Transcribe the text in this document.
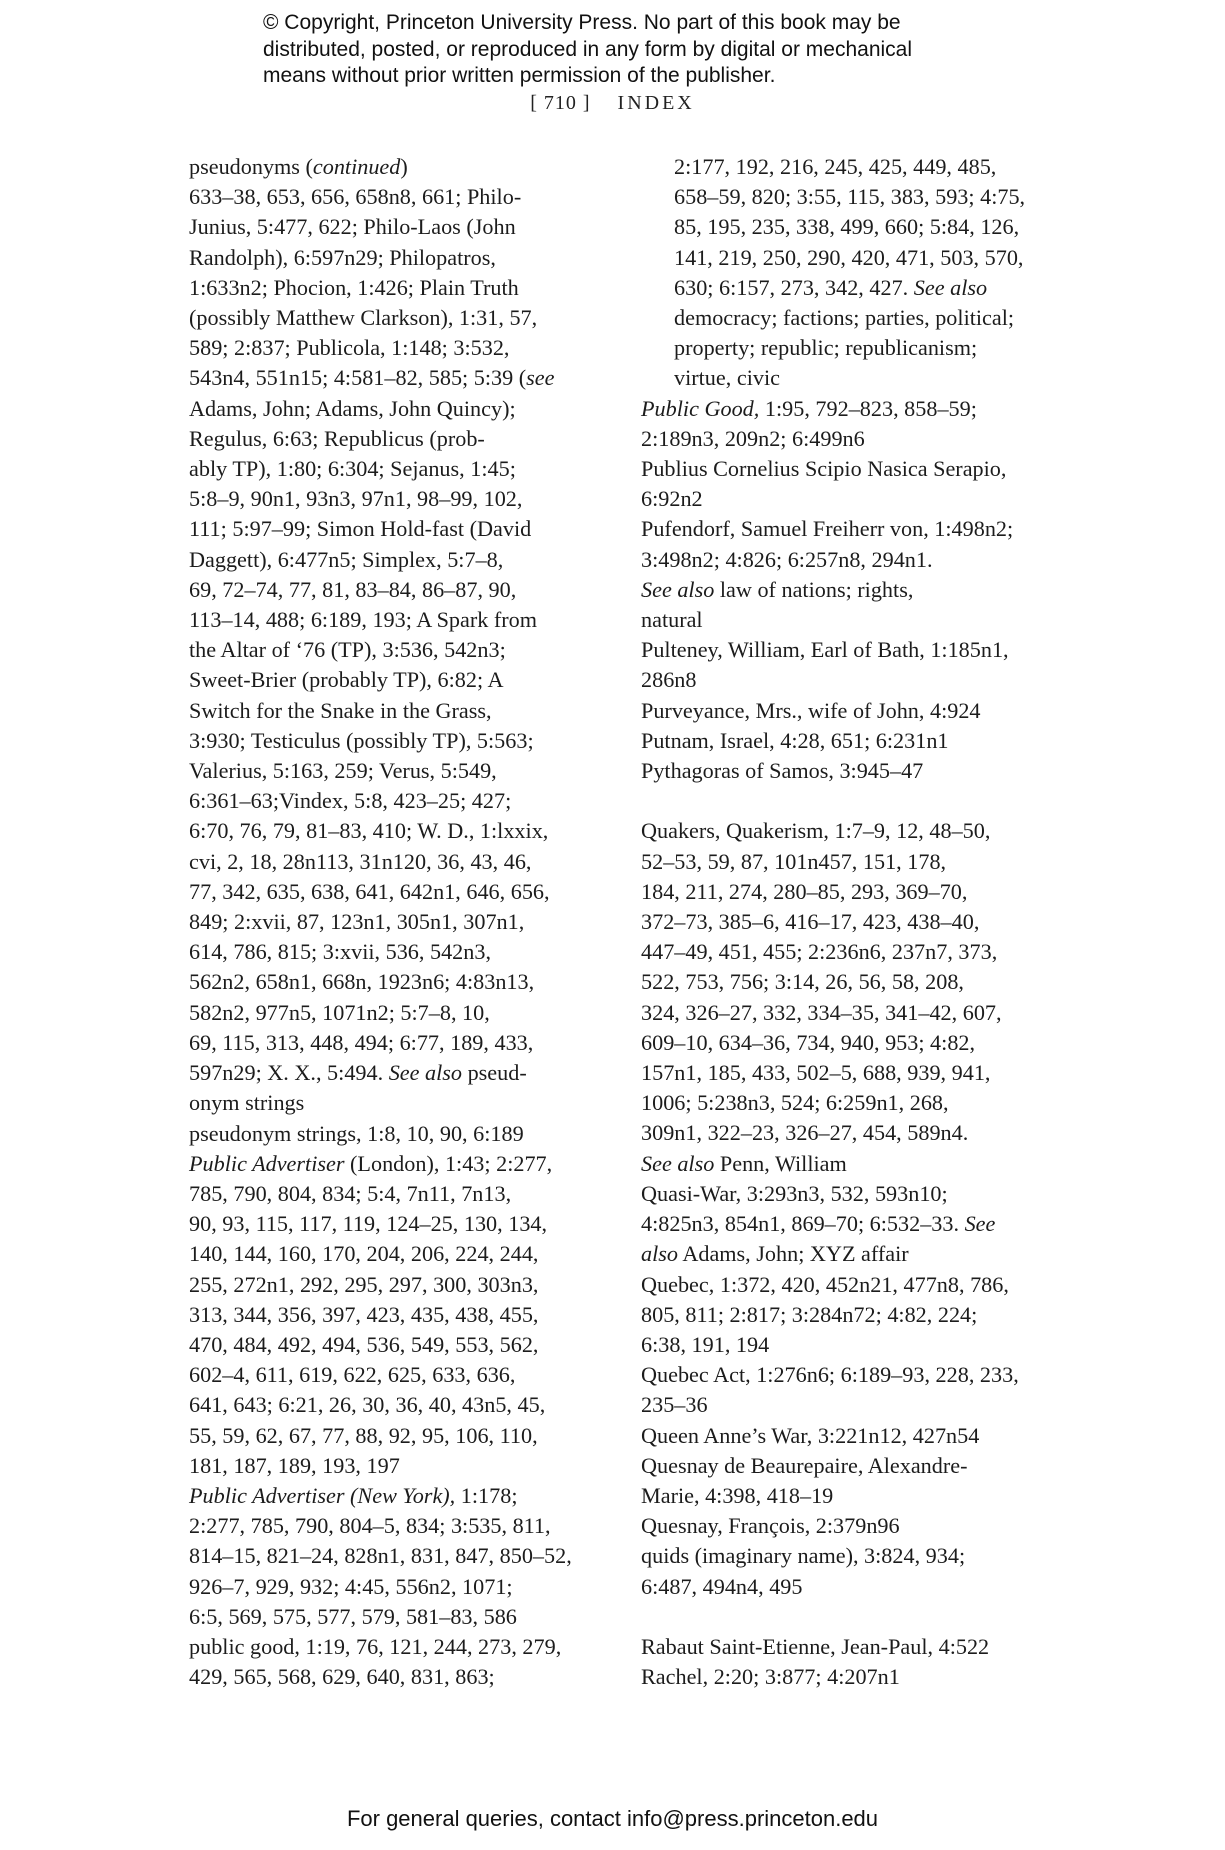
© Copyright, Princeton University Press. No part of this book may be
distributed, posted, or reproduced in any form by digital or mechanical
means without prior written permission of the publisher.
[ 710 ] INDEX
pseudonyms (continued)
633–38, 653, 656, 658n8, 661; Philo-
Junius, 5:477, 622; Philo-Laos (John
Randolph), 6:597n29; Philopatros,
1:633n2; Phocion, 1:426; Plain Truth
(possibly Matthew Clarkson), 1:31, 57,
589; 2:837; Publicola, 1:148; 3:532,
543n4, 551n15; 4:581–82, 585; 5:39 (see
Adams, John; Adams, John Quincy);
Regulus, 6:63; Republicus (prob-
ably TP), 1:80; 6:304; Sejanus, 1:45;
5:8–9, 90n1, 93n3, 97n1, 98–99, 102,
111; 5:97–99; Simon Hold-fast (David
Daggett), 6:477n5; Simplex, 5:7–8,
69, 72–74, 77, 81, 83–84, 86–87, 90,
113–14, 488; 6:189, 193; A Spark from
the Altar of ‘76 (TP), 3:536, 542n3;
Sweet-Brier (probably TP), 6:82; A
Switch for the Snake in the Grass,
3:930; Testiculus (possibly TP), 5:563;
Valerius, 5:163, 259; Verus, 5:549,
6:361–63;Vindex, 5:8, 423–25; 427;
6:70, 76, 79, 81–83, 410; W. D., 1:lxxix,
cvi, 2, 18, 28n113, 31n120, 36, 43, 46,
77, 342, 635, 638, 641, 642n1, 646, 656,
849; 2:xvii, 87, 123n1, 305n1, 307n1,
614, 786, 815; 3:xvii, 536, 542n3,
562n2, 658n1, 668n, 1923n6; 4:83n13,
582n2, 977n5, 1071n2; 5:7–8, 10,
69, 115, 313, 448, 494; 6:77, 189, 433,
597n29; X. X., 5:494. See also pseud-
onym strings
pseudonym strings, 1:8, 10, 90, 6:189
Public Advertiser (London), 1:43; 2:277,
785, 790, 804, 834; 5:4, 7n11, 7n13,
90, 93, 115, 117, 119, 124–25, 130, 134,
140, 144, 160, 170, 204, 206, 224, 244,
255, 272n1, 292, 295, 297, 300, 303n3,
313, 344, 356, 397, 423, 435, 438, 455,
470, 484, 492, 494, 536, 549, 553, 562,
602–4, 611, 619, 622, 625, 633, 636,
641, 643; 6:21, 26, 30, 36, 40, 43n5, 45,
55, 59, 62, 67, 77, 88, 92, 95, 106, 110,
181, 187, 189, 193, 197
Public Advertiser (New York), 1:178;
2:277, 785, 790, 804–5, 834; 3:535, 811,
814–15, 821–24, 828n1, 831, 847, 850–52,
926–7, 929, 932; 4:45, 556n2, 1071;
6:5, 569, 575, 577, 579, 581–83, 586
public good, 1:19, 76, 121, 244, 273, 279,
429, 565, 568, 629, 640, 831, 863;
2:177, 192, 216, 245, 425, 449, 485,
658–59, 820; 3:55, 115, 383, 593; 4:75,
85, 195, 235, 338, 499, 660; 5:84, 126,
141, 219, 250, 290, 420, 471, 503, 570,
630; 6:157, 273, 342, 427. See also
democracy; factions; parties, political;
property; republic; republicanism;
virtue, civic
Public Good, 1:95, 792–823, 858–59;
2:189n3, 209n2; 6:499n6
Publius Cornelius Scipio Nasica Serapio,
6:92n2
Pufendorf, Samuel Freiherr von, 1:498n2;
3:498n2; 4:826; 6:257n8, 294n1.
See also law of nations; rights,
natural
Pulteney, William, Earl of Bath, 1:185n1,
286n8
Purveyance, Mrs., wife of John, 4:924
Putnam, Israel, 4:28, 651; 6:231n1
Pythagoras of Samos, 3:945–47
Quakers, Quakerism, 1:7–9, 12, 48–50,
52–53, 59, 87, 101n457, 151, 178,
184, 211, 274, 280–85, 293, 369–70,
372–73, 385–6, 416–17, 423, 438–40,
447–49, 451, 455; 2:236n6, 237n7, 373,
522, 753, 756; 3:14, 26, 56, 58, 208,
324, 326–27, 332, 334–35, 341–42, 607,
609–10, 634–36, 734, 940, 953; 4:82,
157n1, 185, 433, 502–5, 688, 939, 941,
1006; 5:238n3, 524; 6:259n1, 268,
309n1, 322–23, 326–27, 454, 589n4.
See also Penn, William
Quasi-War, 3:293n3, 532, 593n10;
4:825n3, 854n1, 869–70; 6:532–33. See
also Adams, John; XYZ affair
Quebec, 1:372, 420, 452n21, 477n8, 786,
805, 811; 2:817; 3:284n72; 4:82, 224;
6:38, 191, 194
Quebec Act, 1:276n6; 6:189–93, 228, 233,
235–36
Queen Anne’s War, 3:221n12, 427n54
Quesnay de Beaurepaire, Alexandre-
Marie, 4:398, 418–19
Quesnay, François, 2:379n96
quids (imaginary name), 3:824, 934;
6:487, 494n4, 495
Rabaut Saint-Etienne, Jean-Paul, 4:522
Rachel, 2:20; 3:877; 4:207n1
For general queries, contact info@press.princeton.edu
